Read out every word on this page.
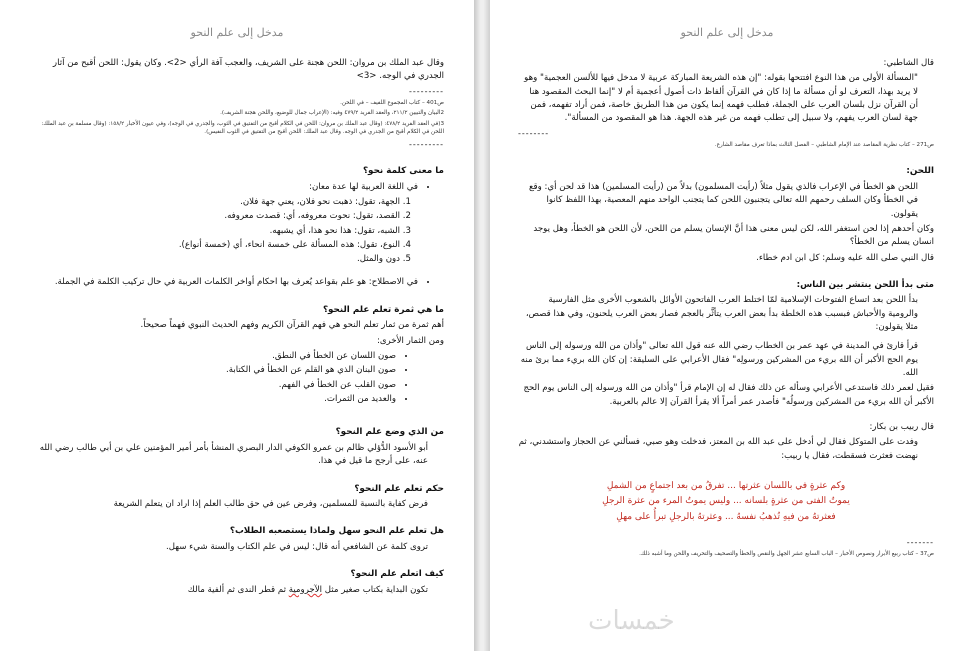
مدخل إلى علم النحو

وقال عبد الملك بن مروان: اللحن هجنة على الشريف، والعجب آفة الرأي <2>. وكان يقول: اللحن أقبح من آثار الجدري في الوجه. <3>

---------

ص401 – كتاب المجموع اللفيف – في اللحن.

2البيان والتبيين ٢١١/٢، والعقد الفريد ٤٧٩/٢ وفيه: (الإعراب جمال للوضيع، واللحن هجنة الشريف).

3(في العقد الفريد ٤٧٨/٢: (وقال عبد الملك بن مروان: اللحن في الكلام أقبح من التفتيق في الثوب، والجدري في الوجه)، وفي عيون الأخبار ١٥٨/٢: (وقال مسلمة بن عبد الملك: اللحن في الكلام أقبح من الجدري في الوجه. وقال عبد الملك: اللحن أقبح من التفتيق في الثوب النفيس).

---------
ما معنى كلمة نحو؟
• في اللغة العربية لها عدة معان:
1. الجهة، تقول: ذهبت نحو فلان، يعني جهة فلان.
2. القصد، تقول: نحوت معروفه، أي: قصدت معروفه.
3. الشبه، تقول: هذا نحو هذا، أي يشبهه.
4. النوع، تقول: هذه المسألة على خمسة انحاء، أي (خمسة أنواع).
5. دون والمثل.
• في الاصطلاح: هو علم بقواعد يُعرف بها احكام أواخر الكلمات العربية في حال تركيب الكلمة في الجملة.
ما هي ثمرة تعلم علم النحو؟

أهم ثمرة من ثمار تعلم النحو هي فهم القرآن الكريم وفهم الحديث النبوي فهماً صحيحاً.

ومن الثمار الأخرى:

• صون اللسان عن الخطأ في النطق.
• صون البنان الذي هو القلم عن الخطأ في الكتابة.
• صون القلب عن الخطأ في الفهم.
• والعديد من الثمرات.
من الذي وضع علم النحو؟

أبو الأسود الدُّؤلي ظالم بن عمرو الكوفي الدار البصري المنشأ بأمر أمير المؤمنين علي بن أبي طالب رضي الله عنه، على أرجح ما قيل في هذا.

حكم تعلم علم النحو؟

فرض كفاية بالنسبة للمسلمين، وفرض عين في حق طالب العلم إذا اراد ان يتعلم الشريعة

هل تعلم علم النحو سهل ولماذا يستصعبه الطلاب؟

تروى كلمة عن الشافعي أنه قال: ليس في علم الكتاب والسنة شيء سهل.

كيف اتعلم علم النحو؟

تكون البداية بكتاب صغير مثل الآجرومية ثم قطر الندى ثم ألفية مالك

مدخل إلى علم النحو

قال الشاطبي:

"المسألة الأولى من هذا النوع افتتحها بقوله: "إن هذه الشريعة المباركة عربية لا مدخل فيها للألسن العجمية" وهو لا يريد بهذا، التعرف لو أن مسألة ما إذا كان في القرآن ألفاظ ذات أصول أعجمية أم لا "إنما البحث المقصود هنا أن القرآن نزل بلسان العرب على الجملة، فطلب فهمه إنما يكون من هذا الطريق خاصة، فمن أراد تفهمه، فمن جهة لسان العرب يفهم، ولا سبيل إلى تطلب فهمه من غير هذه الجهة. هذا هو المقصود من المسألة".

--------

ص271 – كتاب نظرية المقاصد عند الإمام الشاطبي – الفصل الثالث بماذا تعرف مقاصد الشارع.

اللحن:

اللحن هو الخطأ في الإعراب فالذي يقول مثلاً (رأيت المسلمون) بدلاً من (رأيت المسلمين) هذا قد لحن أي: وقع في الخطأ وكان السلف رحمهم الله تعالى يتجنبون اللحن كما يتجنب الواحد منهم المعصية، بهذا اللفظ كانوا يقولون.

وكان أحدهم إذا لحن استغفر الله، لكن ليس معنى هذا أنَّ الإنسان يسلم من اللحن، لأن اللحن هو الخطأ، وهل يوجد انسان يسلم من الخطأ؟

قال النبي صلى الله عليه وسلم: كل ابن ادم خطاء.

متى بدأ اللحن ينتشر بين الناس:

بدأ اللحن بعد اتساع الفتوحات الإسلامية لمّا اختلط العرب الفاتحون الأوائل بالشعوب الأخرى مثل الفارسية والرومية والأحباش فبسبب هذه الخلطة بدأ بعض العرب يتأثَّر بالعجم فصار بعض العرب يلحنون، وفي هذا قصص، مثلا يقولون:

قرأ قارئ في المدينة في عهد عمر بن الخطاب رضي الله عنه قول الله تعالى "وأذان من الله ورسوله إلى الناس يوم الحج الأكبر أن الله بريء من المشركين ورسولِه" فقال الأعرابي على السليقة: إن كان الله بريء مما برئ منه الله.

فقيل لعمر ذلك فاستدعى الأعرابي وسأله عن ذلك فقال له إن الإمام قرأ "وأذان من الله ورسوله إلى الناس يوم الحج الأكبر أن الله بريء من المشركين ورسولُه" فأصدر عمر أمراً ألا يقرأ القرآن إلا عالم بالعربية.

قال ربيب بن بكار:

وفدت على المتوكل فقال لي أدخل على عبد الله بن المعتز، فدخلت وهو صبي، فسألني عن الحجاز واستشدني، ثم نهضت فعثرت فسقطت، فقال يا ربيب:

وكم عثرةٍ في باللسان عثرتها ... تفرقُ من بعد اجتماعٍ من الشملِ
يموتُ الفتى من عثرةٍ بلسانه ... وليس يموتُ المرء من عثرة الرجلِ
فعثرتهُ من فيهِ تُذهبُ نفسهُ ... وعثرتهُ بالرجلِ تبرأُ على مهلِ
-------

ص37 – كتاب ربيع الأبرار ونصوص الأخبار – الباب السابع عشر الجهل والنقص والخطأ والتصحيف والتحريف واللحن وما أشبه ذلك.

خمسات
